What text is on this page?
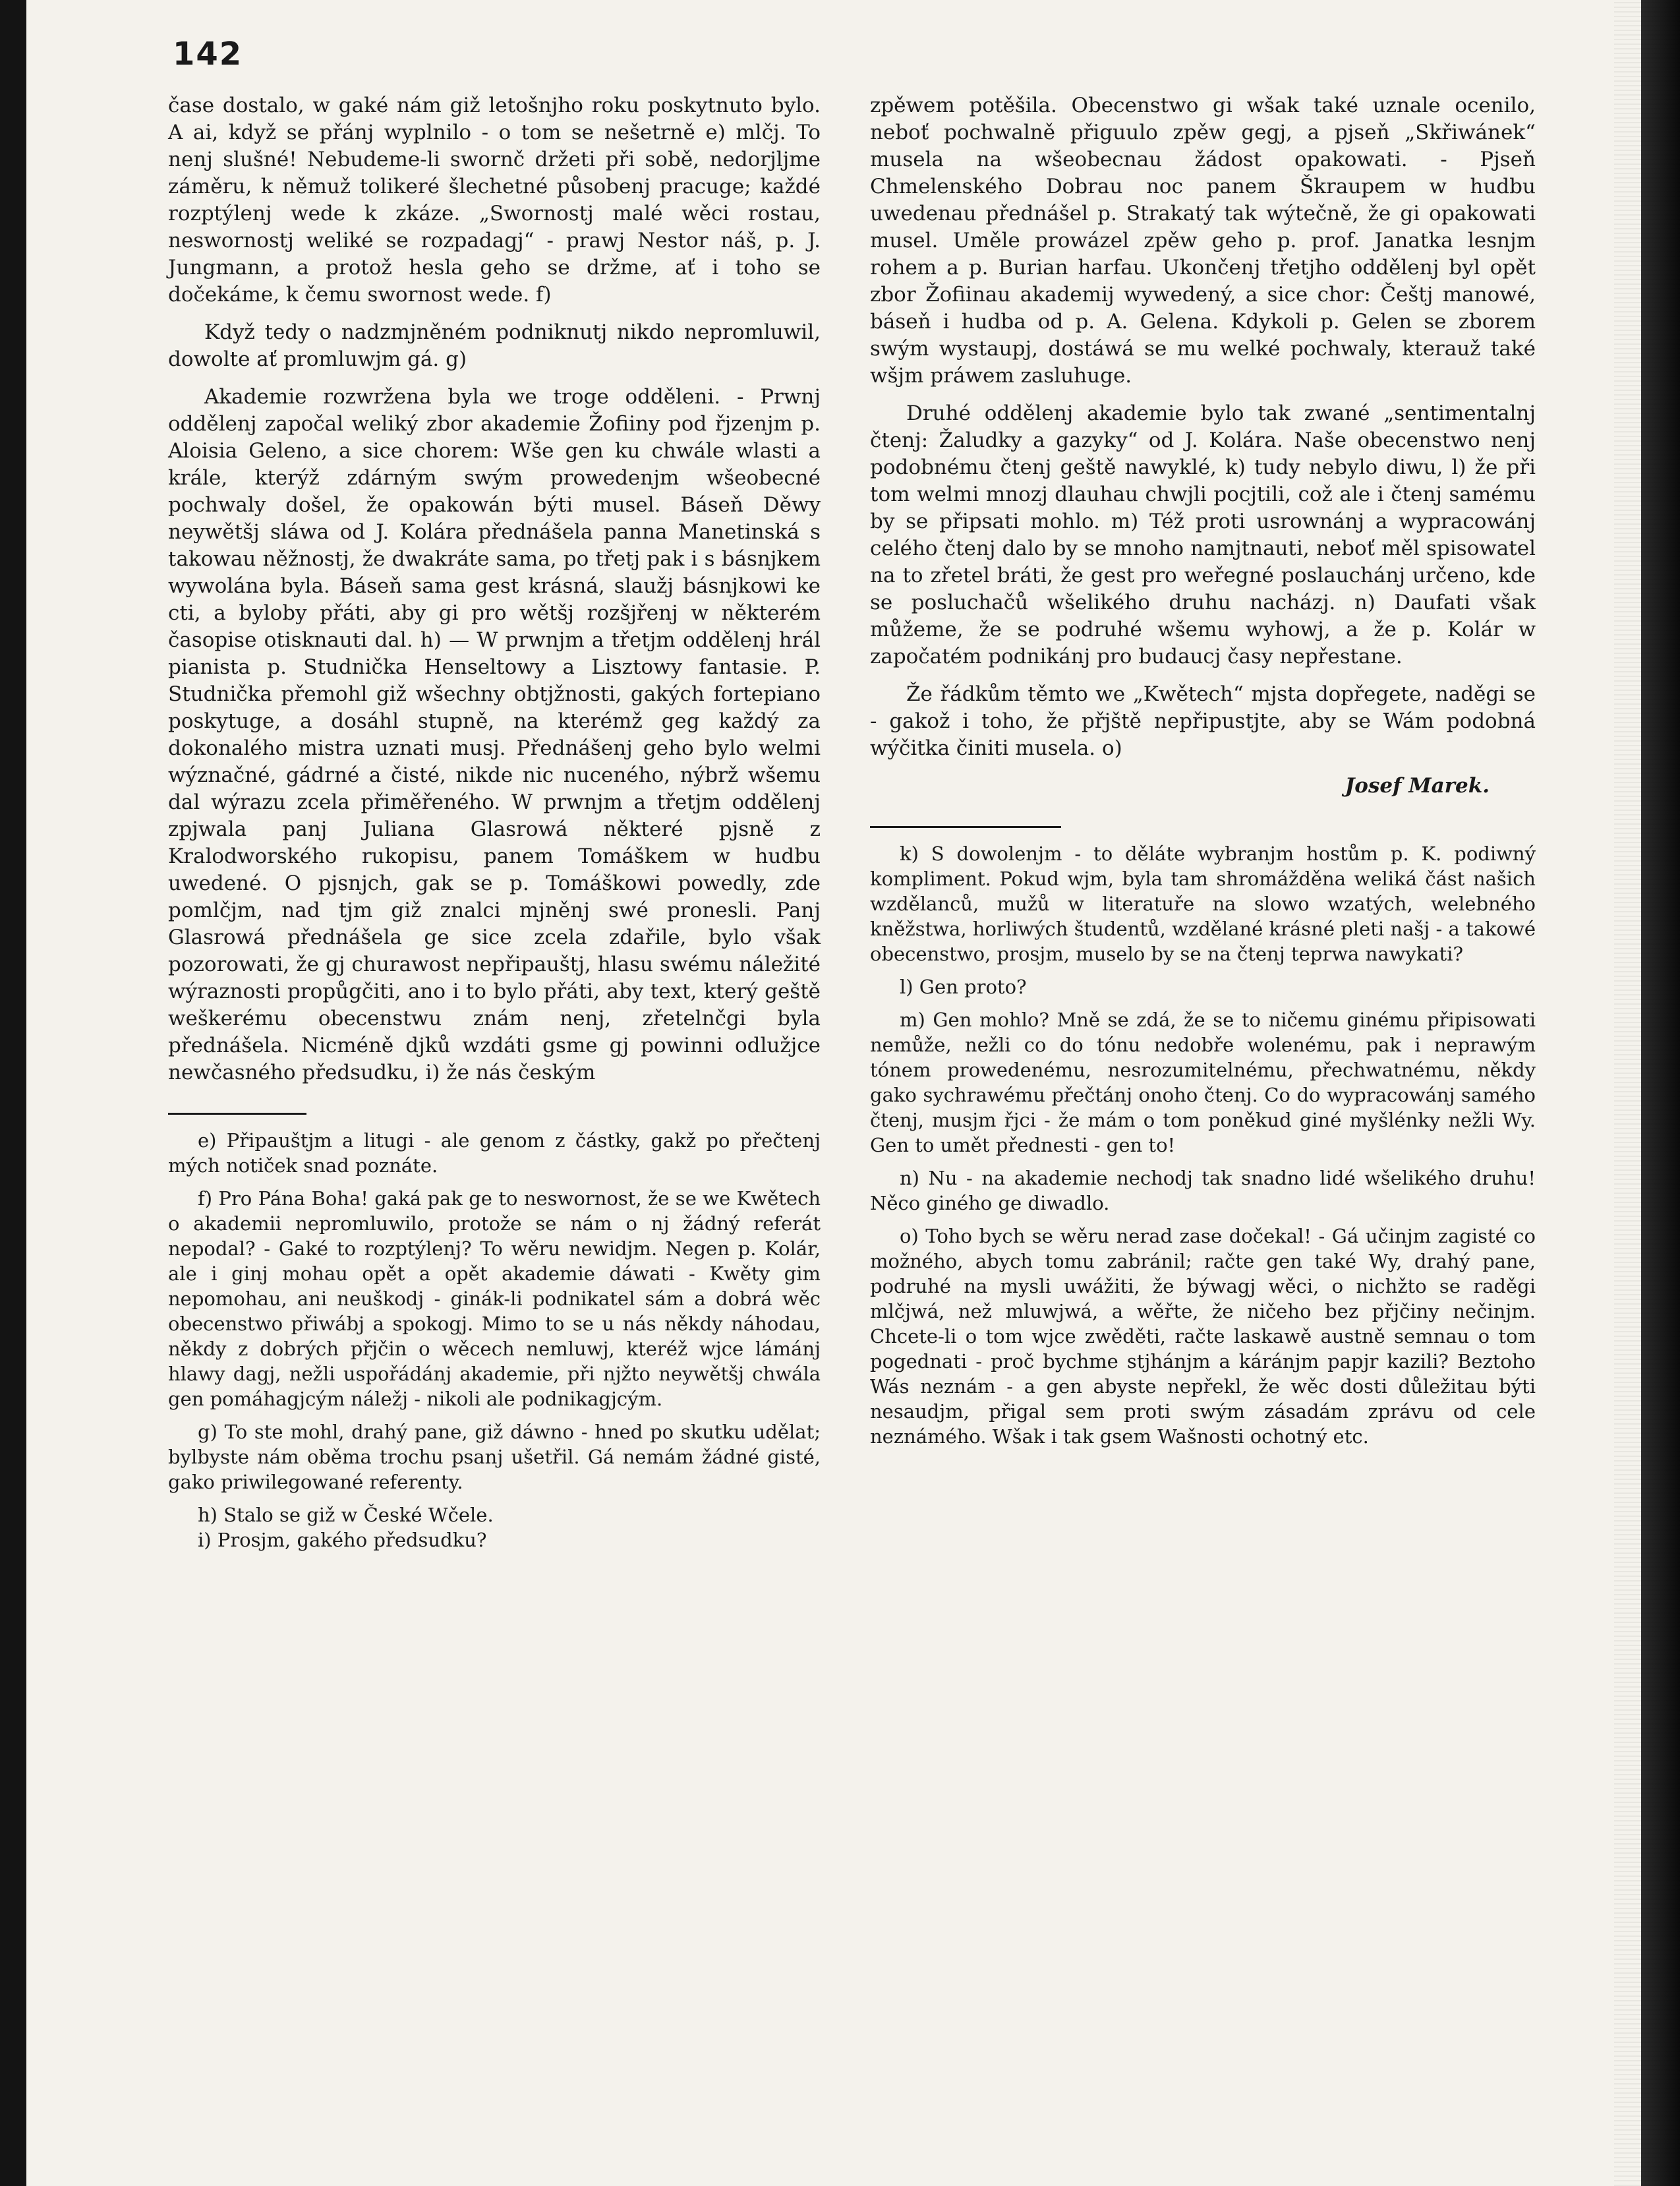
142

čase dostalo, w gaké nám giž letošnjho roku poskytnuto bylo. A ai, když se přánj wyplnilo - o tom se nešetrně e) mlčj. To nenj slušné! Nebudeme-li swornč držeti při sobě, nedorjljme záměru, k němuž tolikeré šlechetné působenj pracuge; každé rozptýlenj wede k zkáze. „Swornostj malé wěci rostau, neswornostj weliké se rozpadagj“ - prawj Nestor náš, p. J. Jungmann, a protož hesla geho se držme, ať i toho se dočekáme, k čemu swornost wede. f)

Když tedy o nadzmjněném podniknutj nikdo nepromluwil, dowolte ať promluwjm gá. g)

Akademie rozwržena byla we troge odděleni. - Prwnj oddělenj započal weliký zbor akademie Žofiiny pod řjzenjm p. Aloisia Geleno, a sice chorem: Wše gen ku chwále wlasti a krále, kterýž zdárným swým prowedenjm wšeobecné pochwaly došel, že opakowán býti musel. Báseň Děwy neywětšj sláwa od J. Kolára přednášela panna Manetinská s takowau něžnostj, že dwakráte sama, po třetj pak i s básnjkem wywolána byla. Báseň sama gest krásná, slaužj básnjkowi ke cti, a byloby přáti, aby gi pro wětšj rozšjřenj w některém časopise otisknauti dal. h) — W prwnjm a třetjm oddělenj hrál pianista p. Studnička Henseltowy a Lisztowy fantasie. P. Studnička přemohl giž wšechny obtjžnosti, gakých fortepiano poskytuge, a dosáhl stupně, na kterémž geg každý za dokonalého mistra uznati musj. Přednášenj geho bylo welmi wýznačné, gádrné a čisté, nikde nic nuceného, nýbrž wšemu dal wýrazu zcela přiměřeného. W prwnjm a třetjm oddělenj zpjwala panj Juliana Glasrowá některé pjsně z Kralodworského rukopisu, panem Tomáškem w hudbu uwedené. O pjsnjch, gak se p. Tomáškowi powedly, zde pomlčjm, nad tjm giž znalci mjněnj swé pronesli. Panj Glasrowá přednášela ge sice zcela zdařile, bylo však pozorowati, že gj churawost nepřipauštj, hlasu swému náležité wýraznosti propůgčiti, ano i to bylo přáti, aby text, který geště weškerému obecenstwu znám nenj, zřetelnčgi byla přednášela. Nicméně djků wzdáti gsme gj powinni odlužjce newčasného předsudku, i) že nás českým

e) Připauštjm a litugi - ale genom z částky, gakž po přečtenj mých notiček snad poznáte.

f) Pro Pána Boha! gaká pak ge to neswornost, že se we Kwětech o akademii nepromluwilo, protože se nám o nj žádný referát nepodal? - Gaké to rozptýlenj? To wěru newidjm. Negen p. Kolár, ale i ginj mohau opět a opět akademie dáwati - Kwěty gim nepomohau, ani neuškodj - ginák-li podnikatel sám a dobrá wěc obecenstwo přiwábj a spokogj. Mimo to se u nás někdy náhodau, někdy z dobrých přjčin o wěcech nemluwj, kteréž wjce lámánj hlawy dagj, nežli uspořádánj akademie, při njžto neywětšj chwála gen pomáhagjcým náležj - nikoli ale podnikagjcým.

g) To ste mohl, drahý pane, giž dáwno - hned po skutku udělat; bylbyste nám oběma trochu psanj ušetřil. Gá nemám žádné gisté, gako priwilegowané referenty.

h) Stalo se giž w České Wčele.

i) Prosjm, gakého předsudku?

zpěwem potěšila. Obecenstwo gi wšak také uznale ocenilo, neboť pochwalně přiguulo zpěw gegj, a pjseň „Skřiwánek“ musela na wšeobecnau žádost opakowati. - Pjseň Chmelenského Dobrau noc panem Škraupem w hudbu uwedenau přednášel p. Strakatý tak wýtečně, že gi opakowati musel. Uměle prowázel zpěw geho p. prof. Janatka lesnjm rohem a p. Burian harfau. Ukončenj třetjho oddělenj byl opět zbor Žofiinau akademij wywedený, a sice chor: Češtj manowé, báseň i hudba od p. A. Gelena. Kdykoli p. Gelen se zborem swým wystaupj, dostáwá se mu welké pochwaly, kterauž také wšjm práwem zasluhuge.

Druhé oddělenj akademie bylo tak zwané „sentimentalnj čtenj: Žaludky a gazyky“ od J. Kolára. Naše obecenstwo nenj podobnému čtenj geště nawyklé, k) tudy nebylo diwu, l) že při tom welmi mnozj dlauhau chwjli pocjtili, což ale i čtenj samému by se připsati mohlo. m) Též proti usrownánj a wypracowánj celého čtenj dalo by se mnoho namjtnauti, neboť měl spisowatel na to zřetel bráti, že gest pro weřegné poslauchánj určeno, kde se posluchačů wšelikého druhu nacházj. n) Daufati však můžeme, že se podruhé wšemu wyhowj, a že p. Kolár w započatém podnikánj pro budaucj časy nepřestane.

Že řádkům těmto we „Kwětech“ mjsta dopřegete, naděgi se - gakož i toho, že přjště nepřipustjte, aby se Wám podobná wýčitka činiti musela. o)

Josef Marek.

k) S dowolenjm - to děláte wybranjm hostům p. K. podiwný kompliment. Pokud wjm, byla tam shromážděna weliká část našich wzdělanců, mužů w literatuře na slowo wzatých, welebného kněžstwa, horliwých študentů, wzdělané krásné pleti našj - a takowé obecenstwo, prosjm, muselo by se na čtenj teprwa nawykati?

l) Gen proto?

m) Gen mohlo? Mně se zdá, že se to ničemu ginému připisowati nemůže, nežli co do tónu nedobře wolenému, pak i neprawým tónem prowedenému, nesrozumitelnému, přechwatnému, někdy gako sychrawému přečtánj onoho čtenj. Co do wypracowánj samého čtenj, musjm řjci - že mám o tom poněkud giné myšlénky nežli Wy. Gen to umět přednesti - gen to!

n) Nu - na akademie nechodj tak snadno lidé wšelikého druhu! Něco giného ge diwadlo.

o) Toho bych se wěru nerad zase dočekal! - Gá učinjm zagisté co možného, abych tomu zabránil; račte gen také Wy, drahý pane, podruhé na mysli uwážiti, že býwagj wěci, o nichžto se raděgi mlčjwá, než mluwjwá, a wěřte, že ničeho bez přjčiny nečinjm. Chcete-li o tom wjce zwěděti, račte laskawě austně semnau o tom pogednati - proč bychme stjhánjm a káránjm papjr kazili? Beztoho Wás neznám - a gen abyste nepřekl, že wěc dosti důležitau býti nesaudjm, přigal sem proti swým zásadám zprávu od cele neznámého. Wšak i tak gsem Wašnosti ochotný etc.
